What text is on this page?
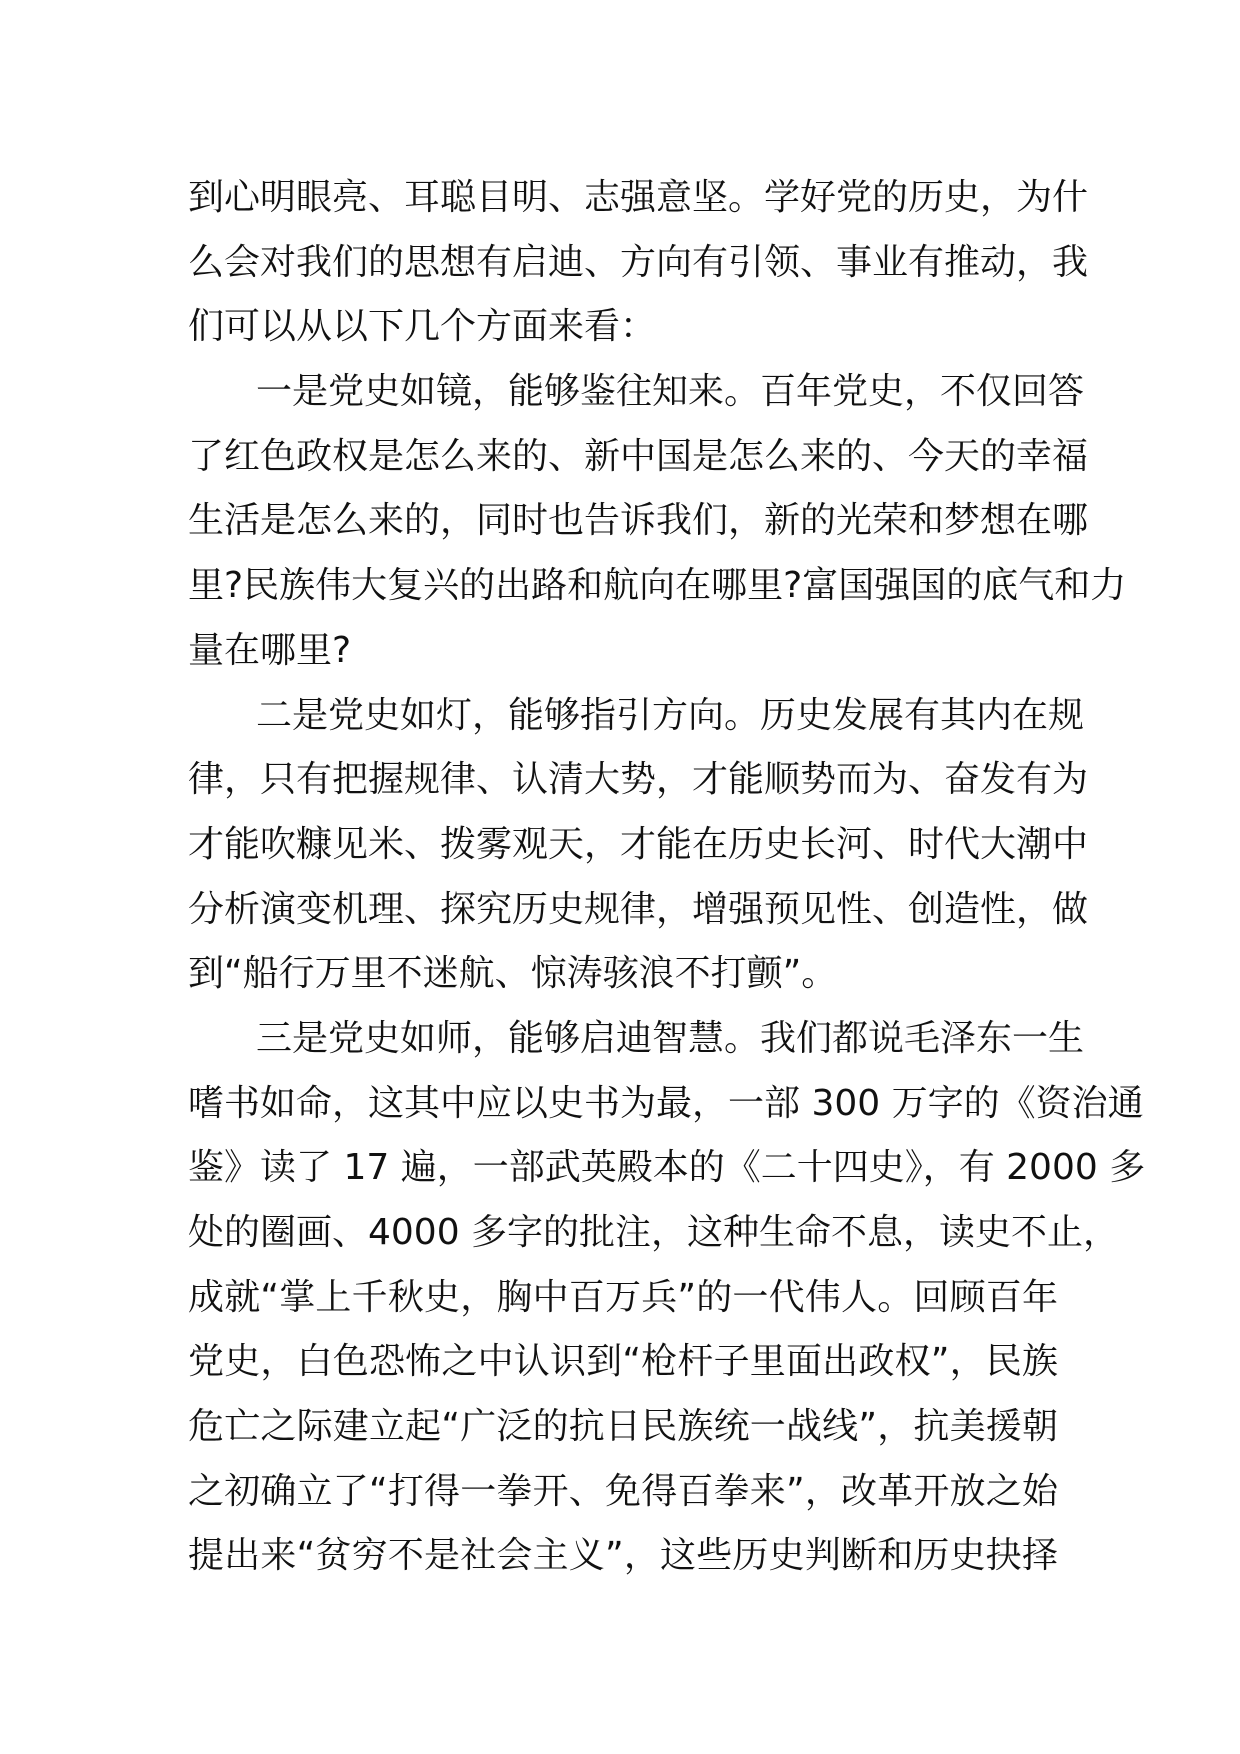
到心明眼亮、耳聪目明、志强意坚。学好党的历史，为什
么会对我们的思想有启迪、方向有引领、事业有推动，我
们可以从以下几个方面来看：
一是党史如镜，能够鉴往知来。百年党史，不仅回答
了红色政权是怎么来的、新中国是怎么来的、今天的幸福
生活是怎么来的，同时也告诉我们，新的光荣和梦想在哪
里?民族伟大复兴的出路和航向在哪里?富国强国的底气和力
量在哪里?
二是党史如灯，能够指引方向。历史发展有其内在规
律，只有把握规律、认清大势，才能顺势而为、奋发有为
才能吹糠见米、拨雾观天，才能在历史长河、时代大潮中
分析演变机理、探究历史规律，增强预见性、创造性，做
到“船行万里不迷航、惊涛骇浪不打颤”。
三是党史如师，能够启迪智慧。我们都说毛泽东一生
嗜书如命，这其中应以史书为最，一部 300 万字的《资治通
鉴》读了 17 遍，一部武英殿本的《二十四史》，有 2000 多
处的圈画、4000 多字的批注，这种生命不息，读史不止，
成就“掌上千秋史，胸中百万兵”的一代伟人。回顾百年
党史，白色恐怖之中认识到“枪杆子里面出政权”，民族
危亡之际建立起“广泛的抗日民族统一战线”，抗美援朝
之初确立了“打得一拳开、免得百拳来”，改革开放之始
提出来“贫穷不是社会主义”，这些历史判断和历史抉择
